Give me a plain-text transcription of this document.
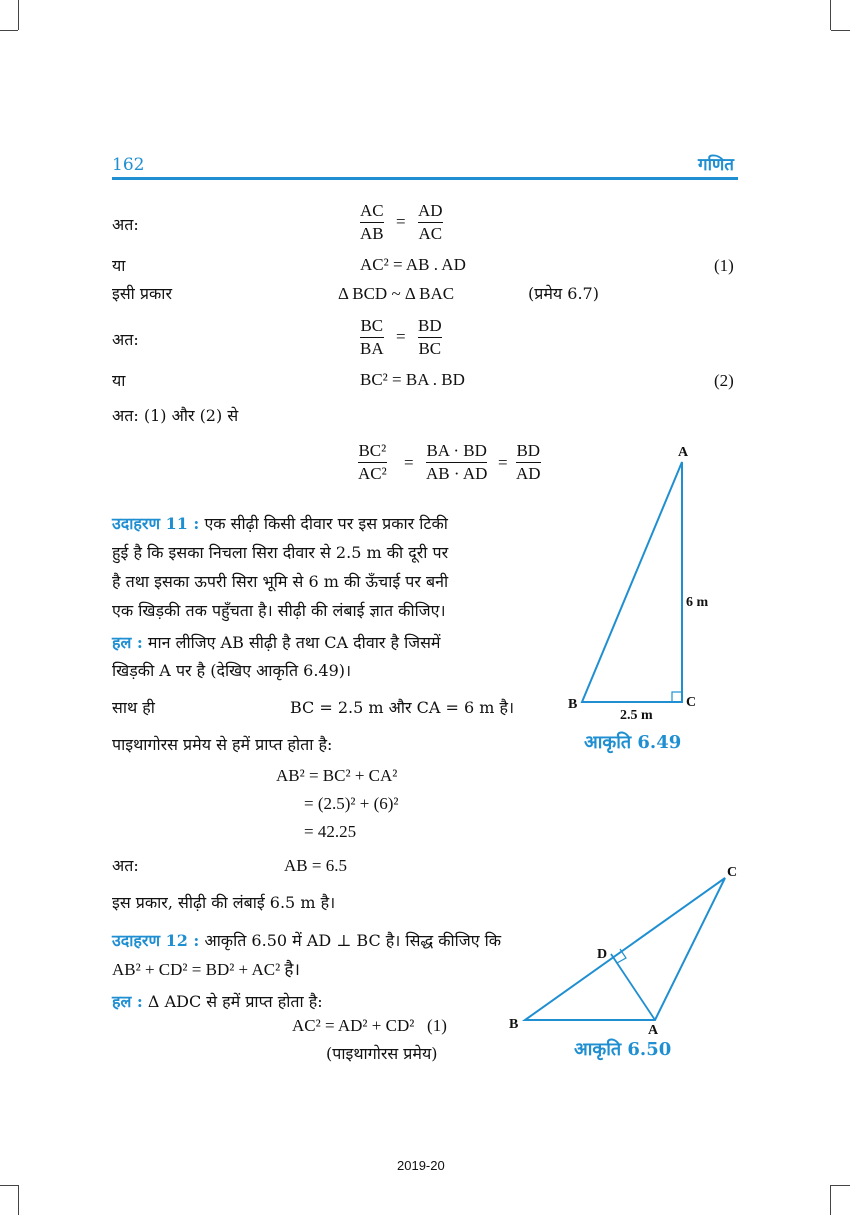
162	गणित
अत:
AC
AB
=
AD
AC
या	AC² = AB . AD	(1)
इसी प्रकार	Δ BCD ~ Δ BAC	(प्रमेय 6.7)
अत:
BC
BA
=
BD
BC
या	BC² = BA . BD	(2)
अत: (1) और (2) से
BC²
AC²
=
BA · BD
AB · AD
=
BD
AD
उदाहरण 11 : एक सीढ़ी किसी दीवार पर इस प्रकार टिकी
हुई है कि इसका निचला सिरा दीवार से 2.5 m की दूरी पर
है तथा इसका ऊपरी सिरा भूमि से 6 m की ऊँचाई पर बनी
एक खिड़की तक पहुँचता है। सीढ़ी की लंबाई ज्ञात कीजिए।
हल : मान लीजिए AB सीढ़ी है तथा CA दीवार है जिसमें
खिड़की A पर है (देखिए आकृति 6.49)।
साथ ही	BC = 2.5 m और CA = 6 m है।
पाइथागोरस प्रमेय से हमें प्राप्त होता है:
AB² = BC² + CA²
= (2.5)² + (6)²
= 42.25
अत:	AB = 6.5
इस प्रकार, सीढ़ी की लंबाई 6.5 m है।
A
B	C
6 m
2.5 m
आकृति 6.49
उदाहरण 12 : आकृति 6.50 में AD ⊥ BC है। सिद्ध कीजिए कि
AB² + CD² = BD² + AC² है।
हल : Δ ADC से हमें प्राप्त होता है:
AC² = AD² + CD²   (1)
(पाइथागोरस प्रमेय)
B	A
C
D
आकृति 6.50
2019-20
